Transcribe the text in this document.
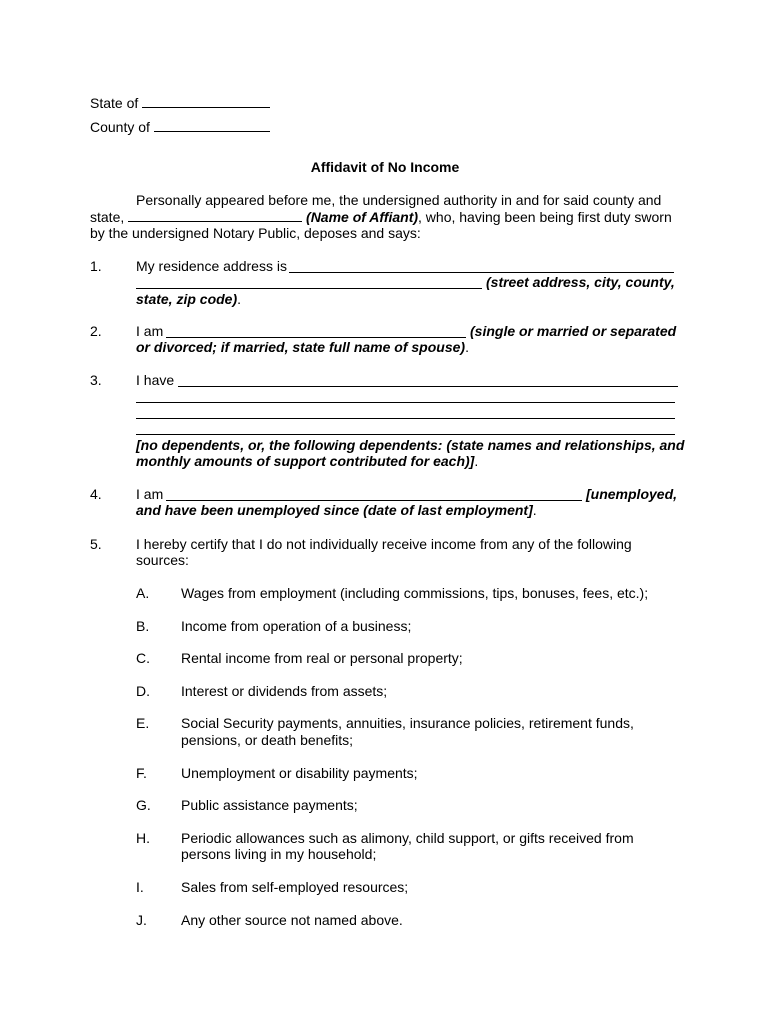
State of
County of
Affidavit of No Income
Personally appeared before me, the undersigned authority in and for said county and
state,	(Name of Affiant), who, having been being first duty sworn
by the undersigned Notary Public, deposes and says:
1. My residence address is
(street address, city, county,
state, zip code).
2. I am	(single or married or separated
or divorced; if married, state full name of spouse).
3. I have
[no dependents, or, the following dependents: (state names and relationships, and
monthly amounts of support contributed for each)].
4. I am	[unemployed,
and have been unemployed since (date of last employment].
5. I hereby certify that I do not individually receive income from any of the following
sources:
A. Wages from employment (including commissions, tips, bonuses, fees, etc.);
B. Income from operation of a business;
C. Rental income from real or personal property;
D. Interest or dividends from assets;
E. Social Security payments, annuities, insurance policies, retirement funds,
pensions, or death benefits;
F. Unemployment or disability payments;
G. Public assistance payments;
H. Periodic allowances such as alimony, child support, or gifts received from
persons living in my household;
I.	Sales from self-employed resources;
J. Any other source not named above.
